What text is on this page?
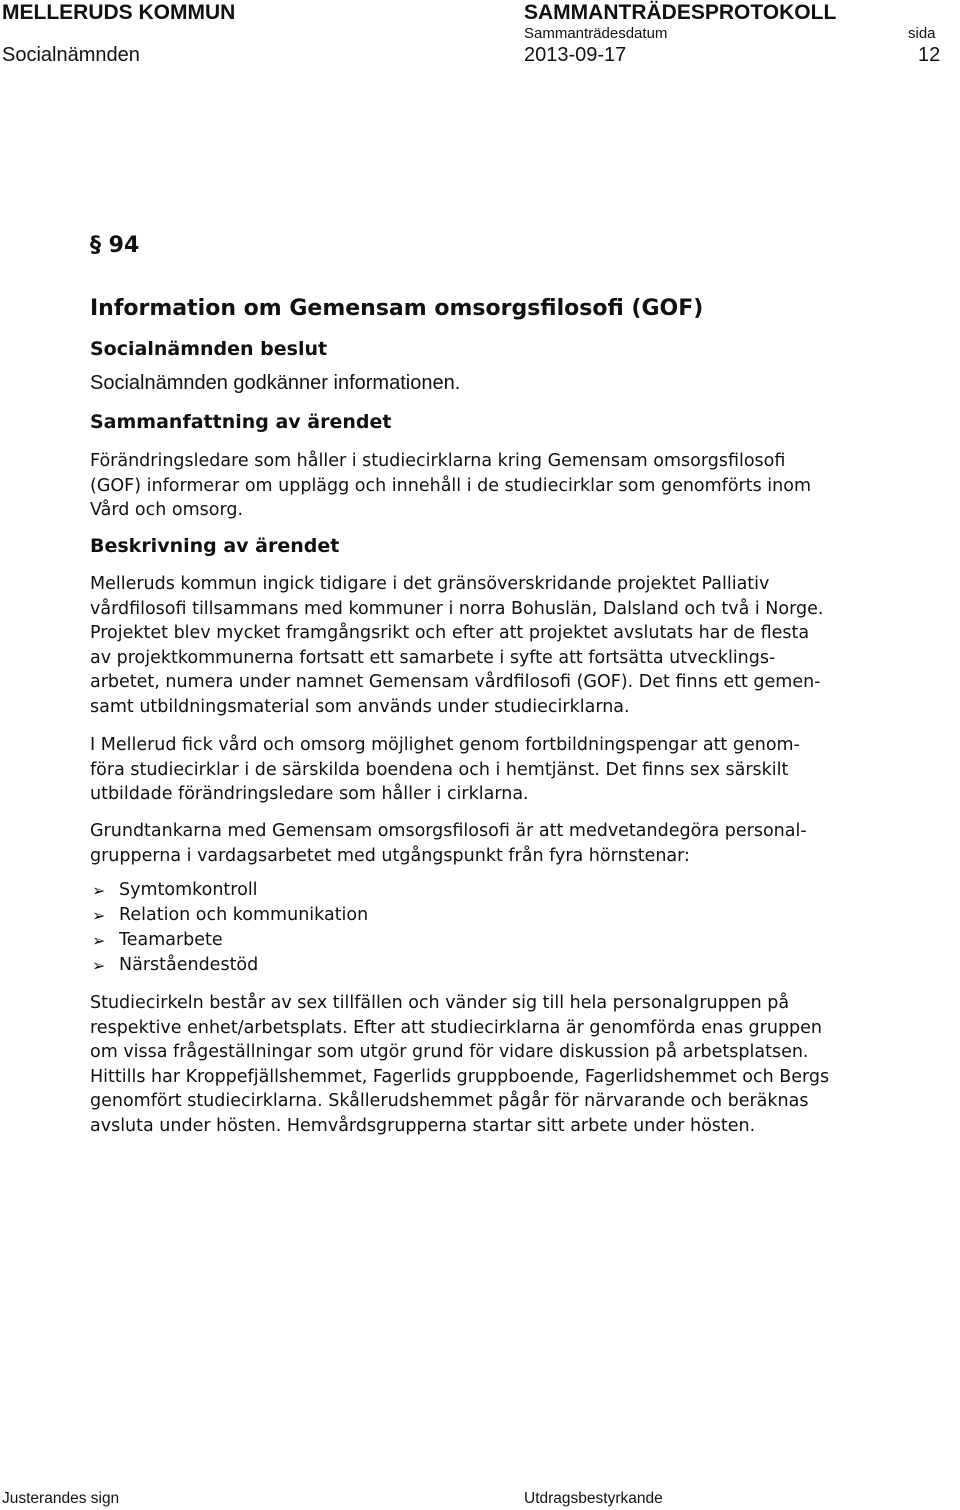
MELLERUDS KOMMUN	SAMMANTRÄDESPROTOKOLL
Sammanträdesdatum	sida
Socialnämnden	2013-09-17	12
§ 94
Information om Gemensam omsorgsfilosofi (GOF)
Socialnämnden beslut
Socialnämnden godkänner informationen.
Sammanfattning av ärendet
Förändringsledare som håller i studiecirklarna kring Gemensam omsorgsfilosofi
(GOF) informerar om upplägg och innehåll i de studiecirklar som genomförts inom
Vård och omsorg.
Beskrivning av ärendet
Melleruds kommun ingick tidigare i det gränsöverskridande projektet Palliativ
vårdfilosofi tillsammans med kommuner i norra Bohuslän, Dalsland och två i Norge.
Projektet blev mycket framgångsrikt och efter att projektet avslutats har de flesta
av projektkommunerna fortsatt ett samarbete i syfte att fortsätta utvecklings-
arbetet, numera under namnet Gemensam vårdfilosofi (GOF). Det finns ett gemen-
samt utbildningsmaterial som används under studiecirklarna.
I Mellerud fick vård och omsorg möjlighet genom fortbildningspengar att genom-
föra studiecirklar i de särskilda boendena och i hemtjänst. Det finns sex särskilt
utbildade förändringsledare som håller i cirklarna.
Grundtankarna med Gemensam omsorgsfilosofi är att medvetandegöra personal-
grupperna i vardagsarbetet med utgångspunkt från fyra hörnstenar:
➢ Symtomkontroll
➢ Relation och kommunikation
➢ Teamarbete
➢ Närståendestöd
Studiecirkeln består av sex tillfällen och vänder sig till hela personalgruppen på
respektive enhet/arbetsplats. Efter att studiecirklarna är genomförda enas gruppen
om vissa frågeställningar som utgör grund för vidare diskussion på arbetsplatsen.
Hittills har Kroppefjällshemmet, Fagerlids gruppboende, Fagerlidshemmet och Bergs
genomfört studiecirklarna. Skållerudshemmet pågår för närvarande och beräknas
avsluta under hösten. Hemvårdsgrupperna startar sitt arbete under hösten.
Justerandes sign	Utdragsbestyrkande
